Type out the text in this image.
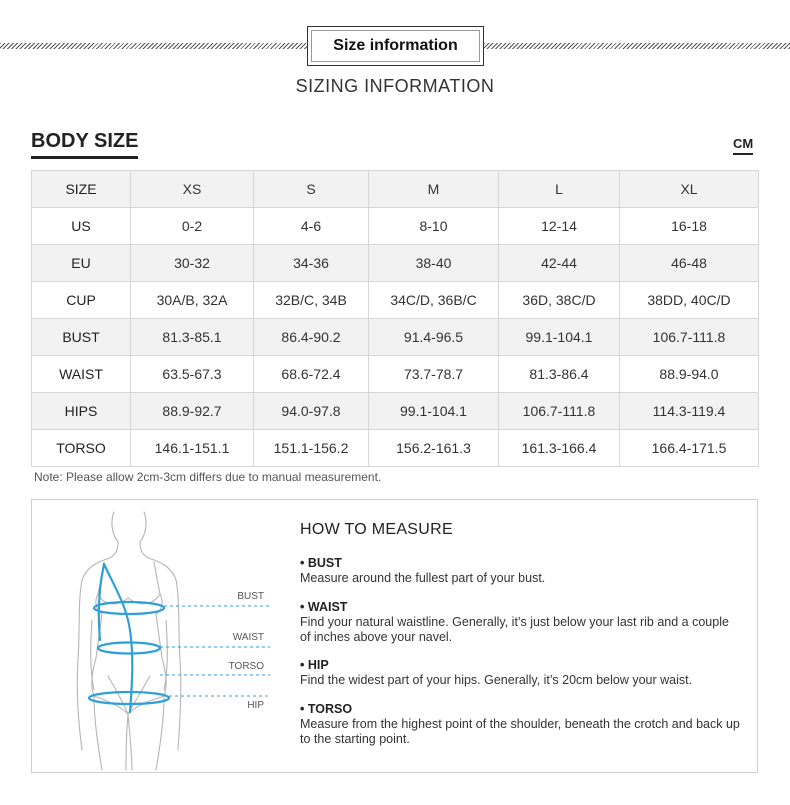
Size information
SIZING INFORMATION
BODY SIZE	CM
SIZE	XS	S	M	L	XL
US	0-2	4-6	8-10	12-14	16-18
EU	30-32	34-36	38-40	42-44	46-48
CUP	30A/B, 32A	32B/C, 34B	34C/D, 36B/C	36D, 38C/D	38DD, 40C/D
BUST	81.3-85.1	86.4-90.2	91.4-96.5	99.1-104.1	106.7-111.8
WAIST	63.5-67.3	68.6-72.4	73.7-78.7	81.3-86.4	88.9-94.0
HIPS	88.9-92.7	94.0-97.8	99.1-104.1	106.7-111.8	114.3-119.4
TORSO	146.1-151.1	151.1-156.2	156.2-161.3	161.3-166.4	166.4-171.5
Note: Please allow 2cm-3cm differs due to manual measurement.
BUST
WAIST
TORSO
HIP
HOW TO MEASURE
• BUST
Measure around the fullest part of your bust.
• WAIST
Find your natural waistline. Generally, it’s just below your last rib and a couple of inches above your navel.
• HIP
Find the widest part of your hips. Generally, it’s 20cm below your waist.
• TORSO
Measure from the highest point of the shoulder, beneath the crotch and back up to the starting point.
